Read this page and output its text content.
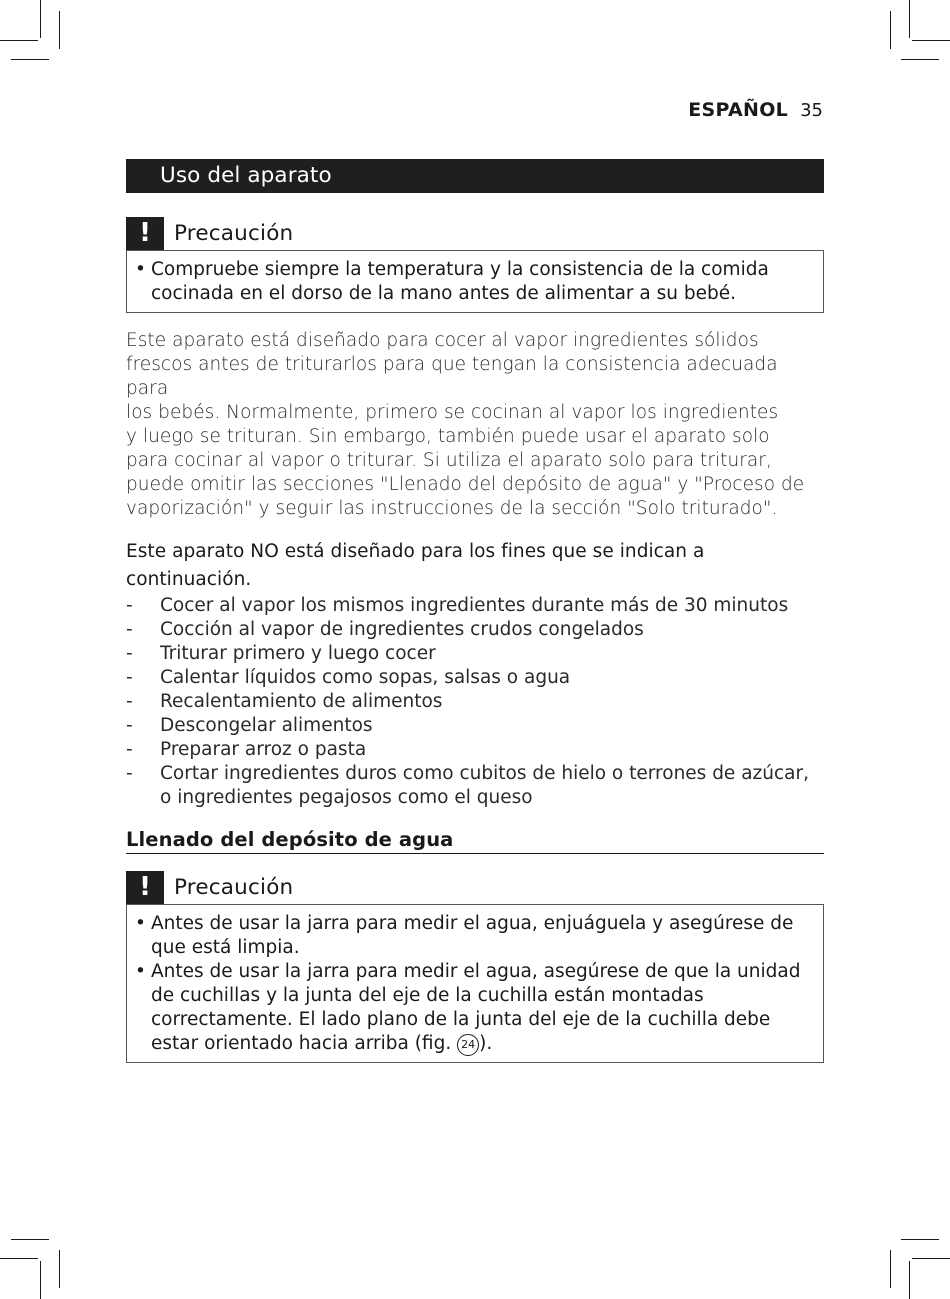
ESPAÑOL 35
Uso del aparato
!	Precaución
• Compruebe siempre la temperatura y la consistencia de la comida cocinada en el dorso de la mano antes de alimentar a su bebé.

Este aparato está diseñado para cocer al vapor ingredientes sólidos
frescos antes de triturarlos para que tengan la consistencia adecuada para
los bebés. Normalmente, primero se cocinan al vapor los ingredientes
y luego se trituran. Sin embargo, también puede usar el aparato solo
para cocinar al vapor o triturar. Si utiliza el aparato solo para triturar,
puede omitir las secciones "Llenado del depósito de agua" y "Proceso de
vaporización" y seguir las instrucciones de la sección "Solo triturado".

Este aparato NO está diseñado para los fines que se indican a
continuación.
-	Cocer al vapor los mismos ingredientes durante más de 30 minutos
-	Cocción al vapor de ingredientes crudos congelados
-	Triturar primero y luego cocer
-	Calentar líquidos como sopas, salsas o agua
-	Recalentamiento de alimentos
-	Descongelar alimentos
-	Preparar arroz o pasta
-	Cortar ingredientes duros como cubitos de hielo o terrones de azúcar, o ingredientes pegajosos como el queso
Llenado del depósito de agua
!	Precaución
• Antes de usar la jarra para medir el agua, enjuáguela y asegúrese de que está limpia.
• Antes de usar la jarra para medir el agua, asegúrese de que la unidad de cuchillas y la junta del eje de la cuchilla están montadas correctamente. El lado plano de la junta del eje de la cuchilla debe estar orientado hacia arriba (fig. 24 ).
